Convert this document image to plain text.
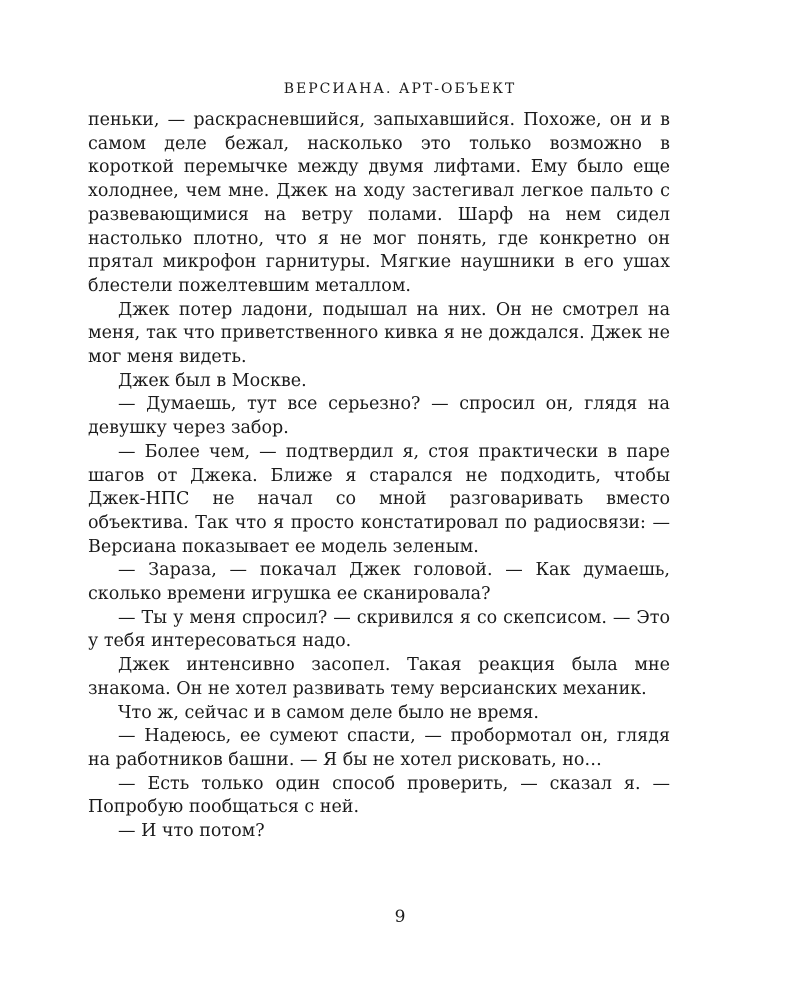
ВЕРСИАНА. АРТ-ОБЪЕКТ

пеньки, — раскрасневшийся, запыхавшийся. Похоже, он и в самом деле бежал, насколько это только возможно в короткой перемычке между двумя лифтами. Ему было еще холоднее, чем мне. Джек на ходу застегивал легкое пальто с развевающимися на ветру полами. Шарф на нем сидел настолько плотно, что я не мог понять, где конкретно он прятал микрофон гарнитуры. Мягкие наушники в его ушах блестели пожелтевшим металлом.

Джек потер ладони, подышал на них. Он не смотрел на меня, так что приветственного кивка я не дождался. Джек не мог меня видеть.

Джек был в Москве.

— Думаешь, тут все серьезно? — спросил он, глядя на девушку через забор.

— Более чем, — подтвердил я, стоя практически в паре шагов от Джека. Ближе я старался не подходить, чтобы Джек-НПС не начал со мной разговаривать вместо объектива. Так что я просто констатировал по радиосвязи: — Версиана показывает ее модель зеленым.

— Зараза, — покачал Джек головой. — Как думаешь, сколько времени игрушка ее сканировала?

— Ты у меня спросил? — скривился я со скепсисом. — Это у тебя интересоваться надо.

Джек интенсивно засопел. Такая реакция была мне знакома. Он не хотел развивать тему версианских механик.

Что ж, сейчас и в самом деле было не время.

— Надеюсь, ее сумеют спасти, — пробормотал он, глядя на работников башни. — Я бы не хотел рисковать, но…

— Есть только один способ проверить, — сказал я. — Попробую пообщаться с ней.

— И что потом?

9
